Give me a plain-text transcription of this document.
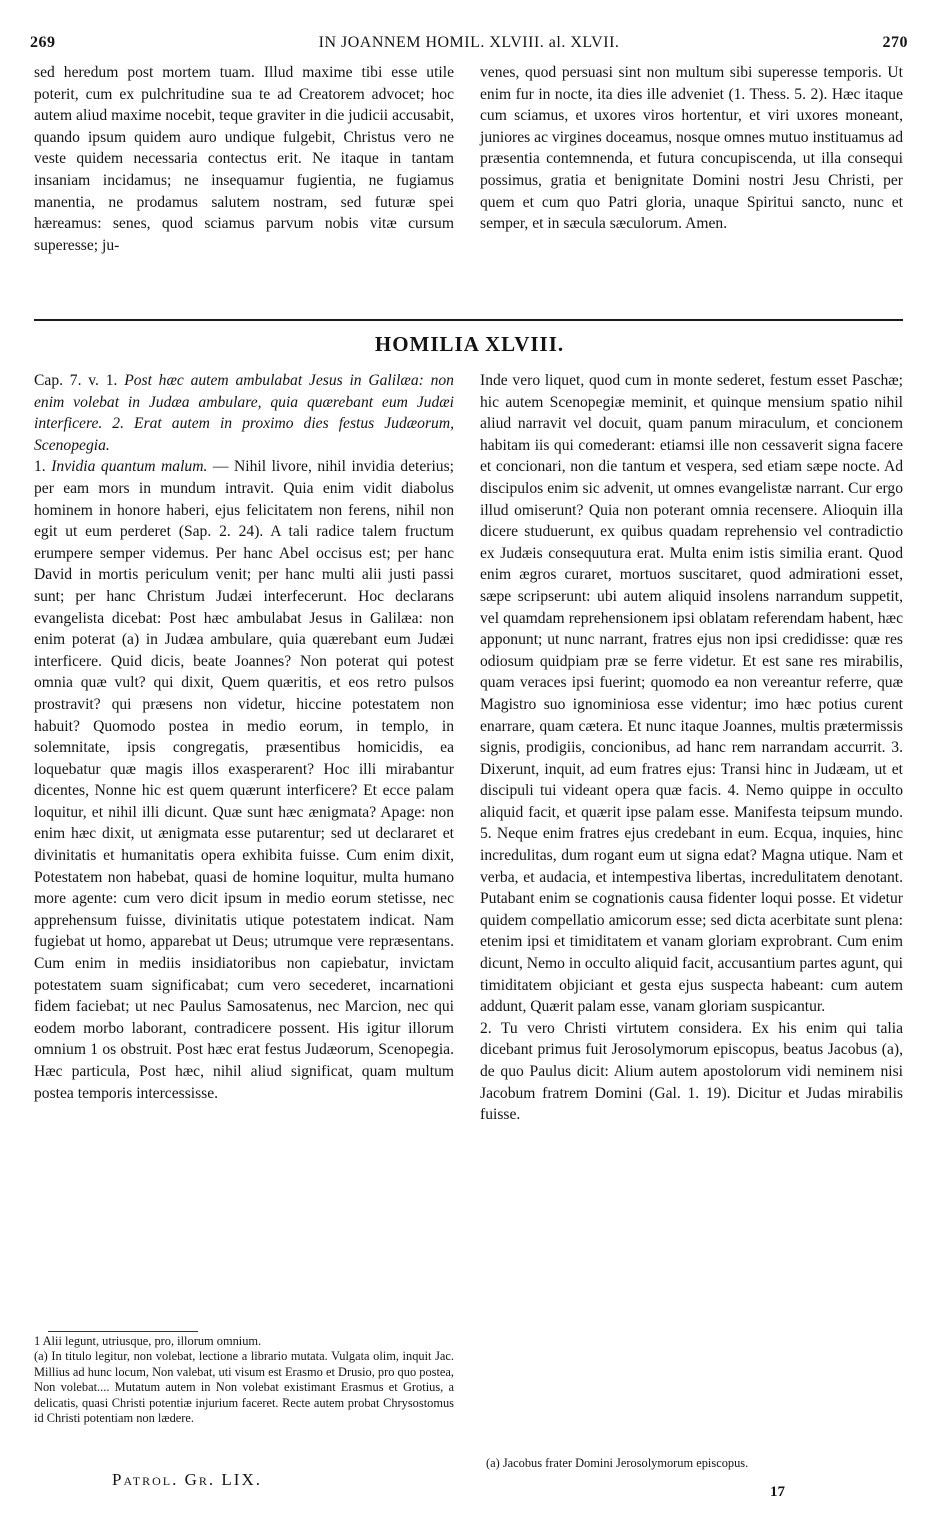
269	IN JOANNEM HOMIL. XLVIII. al. XLVII.	270

sed heredum post mortem tuam. Illud maxime tibi esse utile poterit, cum ex pulchritudine sua te ad Creatorem advocet; hoc autem aliud maxime nocebit, teque graviter in die judicii accusabit, quando ipsum quidem auro undique fulgebit, Christus vero ne veste quidem necessaria contectus erit. Ne itaque in tantam insaniam incidamus; ne insequamur fugientia, ne fugiamus manentia, ne prodamus salutem nostram, sed futuræ spei hæreamus: senes, quod sciamus parvum nobis vitæ cursum superesse; ju-

venes, quod persuasi sint non multum sibi superesse temporis. Ut enim fur in nocte, ita dies ille adveniet (1. Thess. 5. 2). Hæc itaque cum sciamus, et uxores viros hortentur, et viri uxores moneant, juniores ac virgines doceamus, nosque omnes mutuo instituamus ad præsentia contemnenda, et futura concupiscenda, ut illa consequi possimus, gratia et benignitate Domini nostri Jesu Christi, per quem et cum quo Patri gloria, unaque Spiritui sancto, nunc et semper, et in sæcula sæculorum. Amen.

HOMILIA XLVIII.

Cap. 7. v. 1. Post hæc autem ambulabat Jesus in Galilæa: non enim volebat in Judæa ambulare, quia quærebant eum Judæi interficere. 2. Erat autem in proximo dies festus Judæorum, Scenopegia.

1. Invidia quantum malum. — Nihil livore, nihil invidia deterius; per eam mors in mundum intravit. Quia enim vidit diabolus hominem in honore haberi, ejus felicitatem non ferens, nihil non egit ut eum perderet (Sap. 2. 24). A tali radice talem fructum erumpere semper videmus. Per hanc Abel occisus est; per hanc David in mortis periculum venit; per hanc multi alii justi passi sunt; per hanc Christum Judæi interfecerunt. Hoc declarans evangelista dicebat: Post hæc ambulabat Jesus in Galilæa: non enim poterat (a) in Judæa ambulare, quia quærebant eum Judæi interficere. Quid dicis, beate Joannes? Non poterat qui potest omnia quæ vult? qui dixit, Quem quæritis, et eos retro pulsos prostravit? qui præsens non videtur, hiccine potestatem non habuit? Quomodo postea in medio eorum, in templo, in solemnitate, ipsis congregatis, præsentibus homicidis, ea loquebatur quæ magis illos exasperarent? Hoc illi mirabantur dicentes, Nonne hic est quem quærunt interficere? Et ecce palam loquitur, et nihil illi dicunt. Quæ sunt hæc ænigmata? Apage: non enim hæc dixit, ut ænigmata esse putarentur; sed ut declararet et divinitatis et humanitatis opera exhibita fuisse. Cum enim dixit, Potestatem non habebat, quasi de homine loquitur, multa humano more agente: cum vero dicit ipsum in medio eorum stetisse, nec apprehensum fuisse, divinitatis utique potestatem indicat. Nam fugiebat ut homo, apparebat ut Deus; utrumque vere repræsentans. Cum enim in mediis insidiatoribus non capiebatur, invictam potestatem suam significabat; cum vero secederet, incarnationi fidem faciebat; ut nec Paulus Samosatenus, nec Marcion, nec qui eodem morbo laborant, contradicere possent. His igitur illorum omnium 1 os obstruit. Post hæc erat festus Judæorum, Scenopegia. Hæc particula, Post hæc, nihil aliud significat, quam multum postea temporis intercessisse.

Inde vero liquet, quod cum in monte sederet, festum esset Paschæ; hic autem Scenopegiæ meminit, et quinque mensium spatio nihil aliud narravit vel docuit, quam panum miraculum, et concionem habitam iis qui comederant: etiamsi ille non cessaverit signa facere et concionari, non die tantum et vespera, sed etiam sæpe nocte. Ad discipulos enim sic advenit, ut omnes evangelistæ narrant. Cur ergo illud omiserunt? Quia non poterant omnia recensere. Alioquin illa dicere studuerunt, ex quibus quadam reprehensio vel contradictio ex Judæis consequutura erat. Multa enim istis similia erant. Quod enim ægros curaret, mortuos suscitaret, quod admirationi esset, sæpe scripserunt: ubi autem aliquid insolens narrandum suppetit, vel quamdam reprehensionem ipsi oblatam referendam habent, hæc apponunt; ut nunc narrant, fratres ejus non ipsi credidisse: quæ res odiosum quidpiam præ se ferre videtur. Et est sane res mirabilis, quam veraces ipsi fuerint; quomodo ea non vereantur referre, quæ Magistro suo ignominiosa esse videntur; imo hæc potius curent enarrare, quam cætera. Et nunc itaque Joannes, multis prætermissis signis, prodigiis, concionibus, ad hanc rem narrandam accurrit. 3. Dixerunt, inquit, ad eum fratres ejus: Transi hinc in Judæam, ut et discipuli tui videant opera quæ facis. 4. Nemo quippe in occulto aliquid facit, et quærit ipse palam esse. Manifesta teipsum mundo. 5. Neque enim fratres ejus credebant in eum. Ecqua, inquies, hinc incredulitas, dum rogant eum ut signa edat? Magna utique. Nam et verba, et audacia, et intempestiva libertas, incredulitatem denotant. Putabant enim se cognationis causa fidenter loqui posse. Et videtur quidem compellatio amicorum esse; sed dicta acerbitate sunt plena: etenim ipsi et timiditatem et vanam gloriam exprobrant. Cum enim dicunt, Nemo in occulto aliquid facit, accusantium partes agunt, qui timiditatem objiciant et gesta ejus suspecta habeant: cum autem addunt, Quærit palam esse, vanam gloriam suspicantur.

2. Tu vero Christi virtutem considera. Ex his enim qui talia dicebant primus fuit Jerosolymorum episcopus, beatus Jacobus (a), de quo Paulus dicit: Alium autem apostolorum vidi neminem nisi Jacobum fratrem Domini (Gal. 1. 19). Dicitur et Judas mirabilis fuisse.

1 Alii legunt, utriusque, pro, illorum omnium.

(a) In titulo legitur, non volebat, lectione a librario mutata. Vulgata olim, inquit Jac. Millius ad hunc locum, Non valebat, uti visum est Erasmo et Drusio, pro quo postea, Non volebat.... Mutatum autem in Non volebat existimant Erasmus et Grotius, a delicatis, quasi Christi potentiæ injurium faceret. Recte autem probat Chrysostomus id Christi potentiam non lædere.

(a) Jacobus frater Domini Jerosolymorum episcopus.
Patrol. Gr. LIX.
17
